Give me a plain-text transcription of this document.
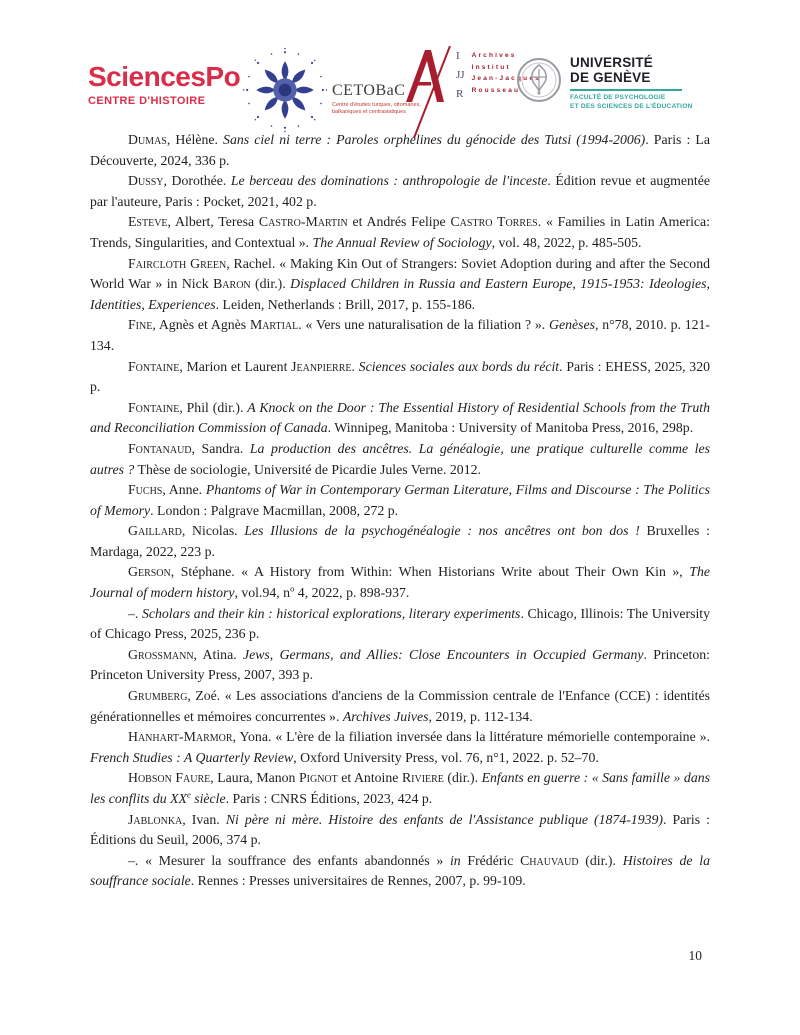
SciencesPo
CENTRE D'HISTOIRE
CETOBaC
Centre d'études turques, ottomanes,
balkaniques et centrasiatiques
I
JJ
R
Archives
Institut
Jean-Jacques
Rousseau
UNIVERSITÉ
DE GENÈVE
FACULTÉ DE PSYCHOLOGIE
ET DES SCIENCES DE L'ÉDUCATION

Dumas, Hélène. Sans ciel ni terre : Paroles orphelines du génocide des Tutsi (1994-2006). Paris : La Découverte, 2024, 336 p.

Dussy, Dorothée. Le berceau des dominations : anthropologie de l'inceste. Édition revue et augmentée par l'auteure, Paris : Pocket, 2021, 402 p.

Esteve, Albert, Teresa Castro-Martin et Andrés Felipe Castro Torres. « Families in Latin America: Trends, Singularities, and Contextual ». The Annual Review of Sociology, vol. 48, 2022, p. 485-505.

Faircloth Green, Rachel. « Making Kin Out of Strangers: Soviet Adoption during and after the Second World War » in Nick Baron (dir.). Displaced Children in Russia and Eastern Europe, 1915-1953: Ideologies, Identities, Experiences. Leiden, Netherlands : Brill, 2017, p. 155-186.

Fine, Agnès et Agnès Martial. « Vers une naturalisation de la filiation ? ». Genèses, n°78, 2010. p. 121-134.

Fontaine, Marion et Laurent Jeanpierre. Sciences sociales aux bords du récit. Paris : EHESS, 2025, 320 p.

Fontaine, Phil (dir.). A Knock on the Door : The Essential History of Residential Schools from the Truth and Reconciliation Commission of Canada. Winnipeg, Manitoba : University of Manitoba Press, 2016, 298p.

Fontanaud, Sandra. La production des ancêtres. La généalogie, une pratique culturelle comme les autres ? Thèse de sociologie, Université de Picardie Jules Verne. 2012.

Fuchs, Anne. Phantoms of War in Contemporary German Literature, Films and Discourse : The Politics of Memory. London : Palgrave Macmillan, 2008, 272 p.

Gaillard, Nicolas. Les Illusions de la psychogénéalogie : nos ancêtres ont bon dos ! Bruxelles : Mardaga, 2022, 223 p.

Gerson, Stéphane. « A History from Within: When Historians Write about Their Own Kin », The Journal of modern history, vol.94, $n^o$ 4, 2022, p. 898-937.

–. Scholars and their kin : historical explorations, literary experiments. Chicago, Illinois: The University of Chicago Press, 2025, 236 p.

Grossmann, Atina. Jews, Germans, and Allies: Close Encounters in Occupied Germany. Princeton: Princeton University Press, 2007, 393 p.

Grumberg, Zoé. « Les associations d'anciens de la Commission centrale de l'Enfance (CCE) : identités générationnelles et mémoires concurrentes ». Archives Juives, 2019, p. 112-134.

Hanhart-Marmor, Yona. « L'ère de la filiation inversée dans la littérature mémorielle contemporaine ». French Studies : A Quarterly Review, Oxford University Press, vol. 76, n°1, 2022. p. 52–70.

Hobson Faure, Laura, Manon Pignot et Antoine Riviere (dir.). Enfants en guerre : « Sans famille » dans les conflits du XXe siècle. Paris : CNRS Éditions, 2023, 424 p.

Jablonka, Ivan. Ni père ni mère. Histoire des enfants de l'Assistance publique (1874-1939). Paris : Éditions du Seuil, 2006, 374 p.

–. « Mesurer la souffrance des enfants abandonnés » in Frédéric Chauvaud (dir.). Histoires de la souffrance sociale. Rennes : Presses universitaires de Rennes, 2007, p. 99-109.

10
